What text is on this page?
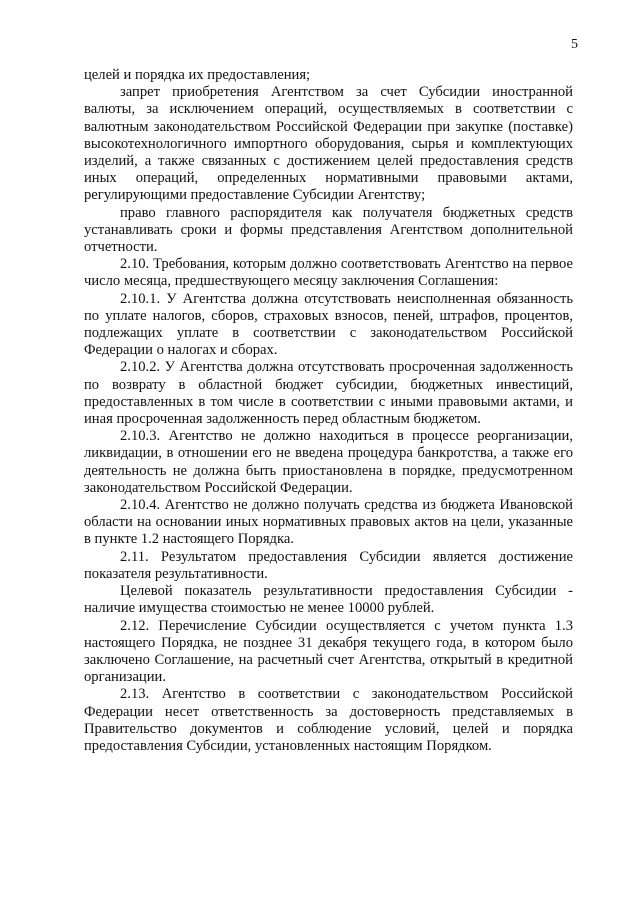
5

целей и порядка их предоставления;

запрет приобретения Агентством за счет Субсидии иностранной валюты, за исключением операций, осуществляемых в соответствии с валютным законодательством Российской Федерации при закупке (поставке) высокотехнологичного импортного оборудования, сырья и комплектующих изделий, а также связанных с достижением целей предоставления средств иных операций, определенных нормативными правовыми актами, регулирующими предоставление Субсидии Агентству;

право главного распорядителя как получателя бюджетных средств устанавливать сроки и формы представления Агентством дополнительной отчетности.

2.10. Требования, которым должно соответствовать Агентство на первое число месяца, предшествующего месяцу заключения Соглашения:

2.10.1. У Агентства должна отсутствовать неисполненная обязанность по уплате налогов, сборов, страховых взносов, пеней, штрафов, процентов, подлежащих уплате в соответствии с законодательством Российской Федерации о налогах и сборах.

2.10.2. У Агентства должна отсутствовать просроченная задолженность по возврату в областной бюджет субсидии, бюджетных инвестиций, предоставленных в том числе в соответствии с иными правовыми актами, и иная просроченная задолженность перед областным бюджетом.

2.10.3. Агентство не должно находиться в процессе реорганизации, ликвидации, в отношении его не введена процедура банкротства, а также его деятельность не должна быть приостановлена в порядке, предусмотренном законодательством Российской Федерации.

2.10.4. Агентство не должно получать средства из бюджета Ивановской области на основании иных нормативных правовых актов на цели, указанные в пункте 1.2 настоящего Порядка.

2.11. Результатом предоставления Субсидии является достижение показателя результативности.

Целевой показатель результативности предоставления Субсидии - наличие имущества стоимостью не менее 10000 рублей.

2.12. Перечисление Субсидии осуществляется с учетом пункта 1.3 настоящего Порядка, не позднее 31 декабря текущего года, в котором было заключено Соглашение, на расчетный счет Агентства, открытый в кредитной организации.

2.13. Агентство в соответствии с законодательством Российской Федерации несет ответственность за достоверность представляемых в Правительство документов и соблюдение условий, целей и порядка предоставления Субсидии, установленных настоящим Порядком.
